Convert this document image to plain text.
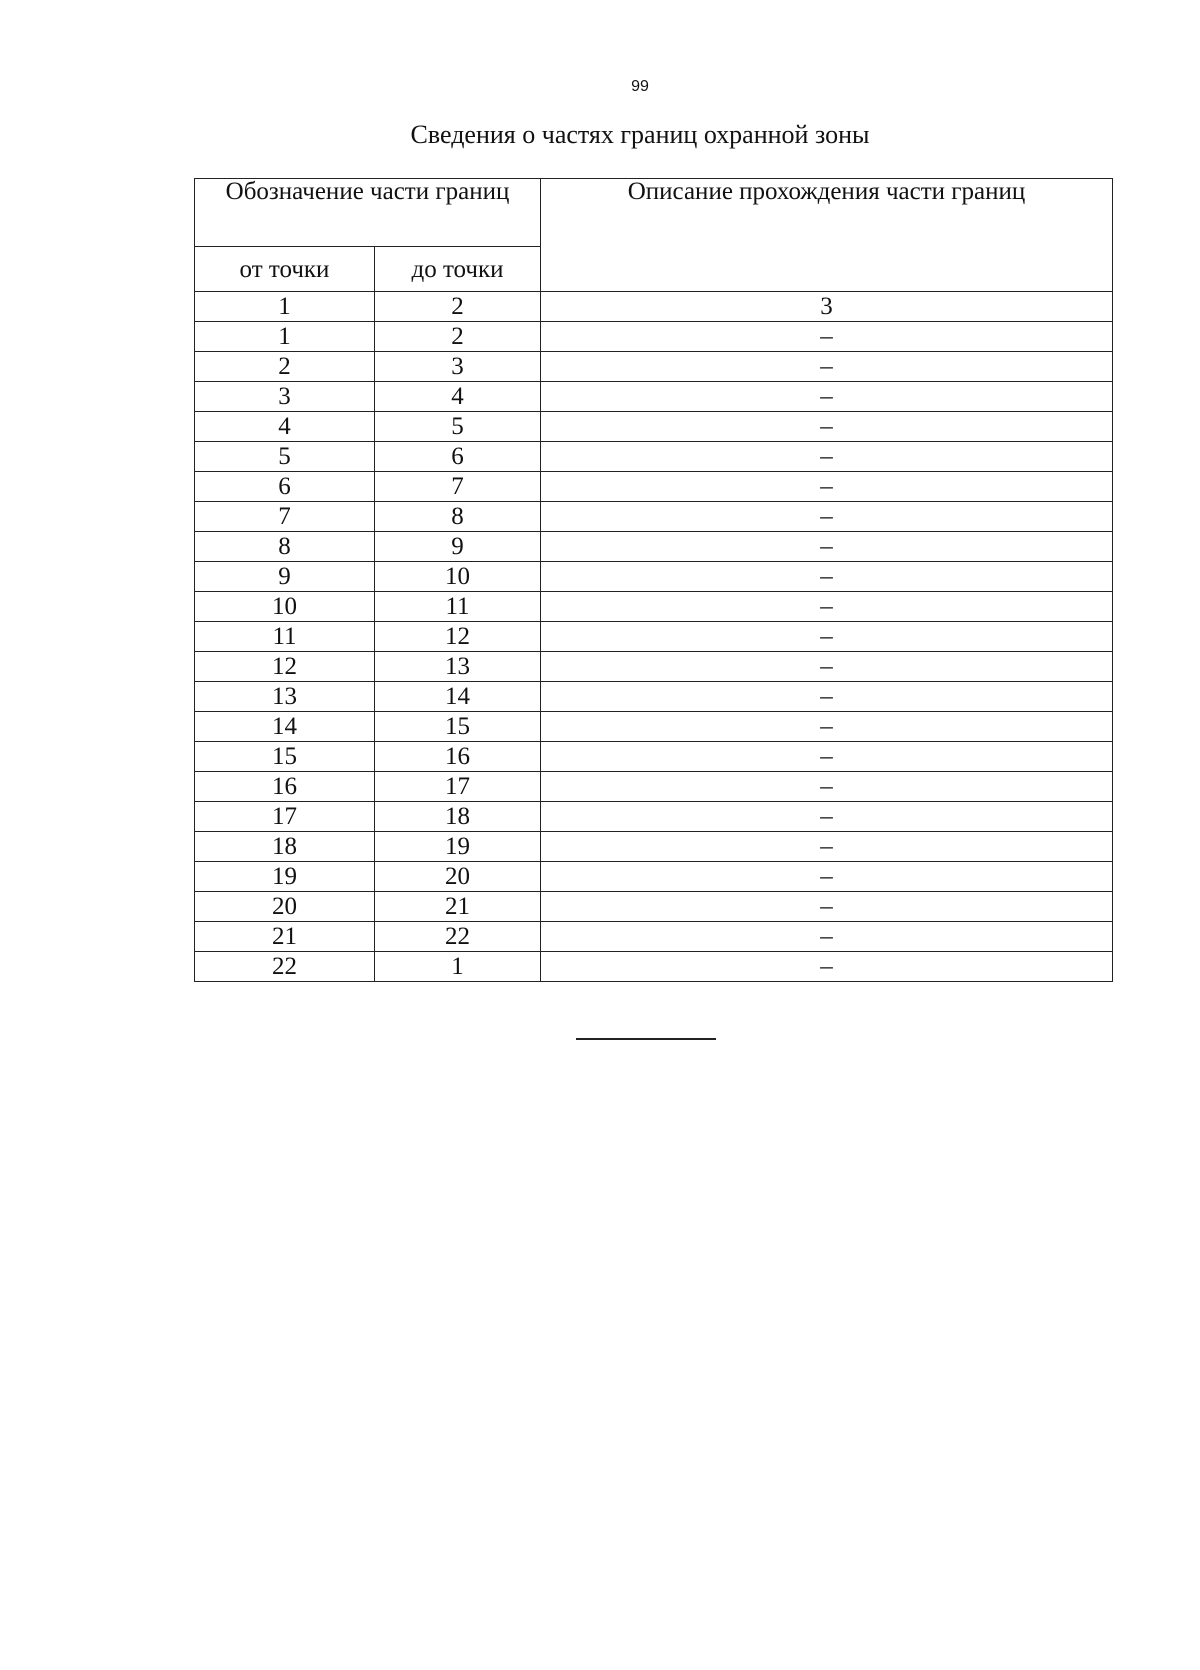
99
Сведения о частях границ охранной зоны
Обозначение части границ		Описание прохождения части границ
от точки	до точки	
1	2	3
1	2	–
2	3	–
3	4	–
4	5	–
5	6	–
6	7	–
7	8	–
8	9	–
9	10	–
10	11	–
11	12	–
12	13	–
13	14	–
14	15	–
15	16	–
16	17	–
17	18	–
18	19	–
19	20	–
20	21	–
21	22	–
22	1	–
